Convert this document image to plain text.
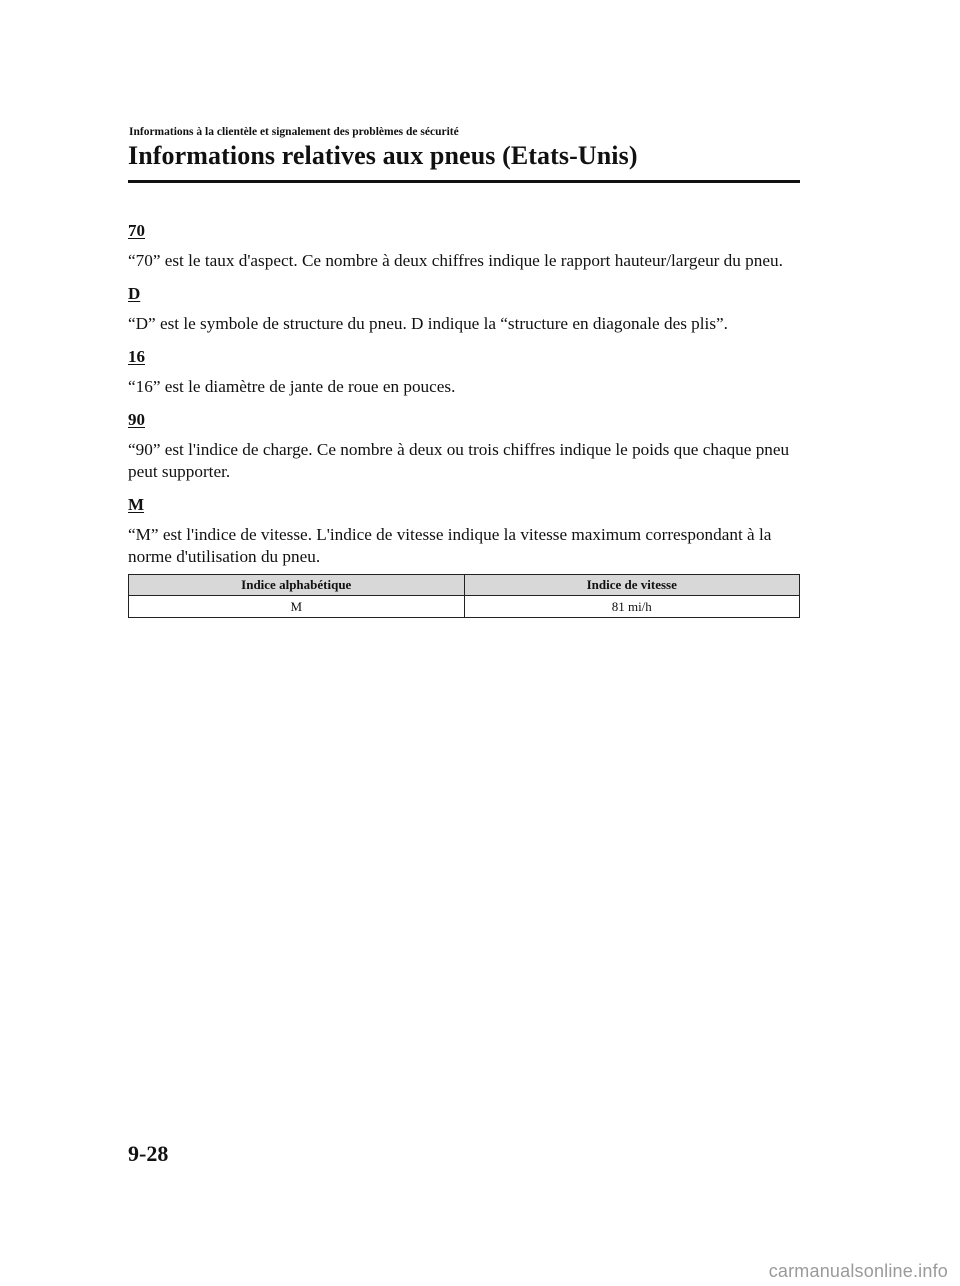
Informations à la clientèle et signalement des problèmes de sécurité
Informations relatives aux pneus (Etats-Unis)

70

“70” est le taux d'aspect. Ce nombre à deux chiffres indique le rapport hauteur/largeur du pneu.

D

“D” est le symbole de structure du pneu. D indique la “structure en diagonale des plis”.

16

“16” est le diamètre de jante de roue en pouces.

90

“90” est l'indice de charge. Ce nombre à deux ou trois chiffres indique le poids que chaque pneu peut supporter.

M

“M” est l'indice de vitesse. L'indice de vitesse indique la vitesse maximum correspondant à la norme d'utilisation du pneu.

Indice alphabétique	Indice de vitesse
M	81 mi/h
9-28
carmanualsonline.info
